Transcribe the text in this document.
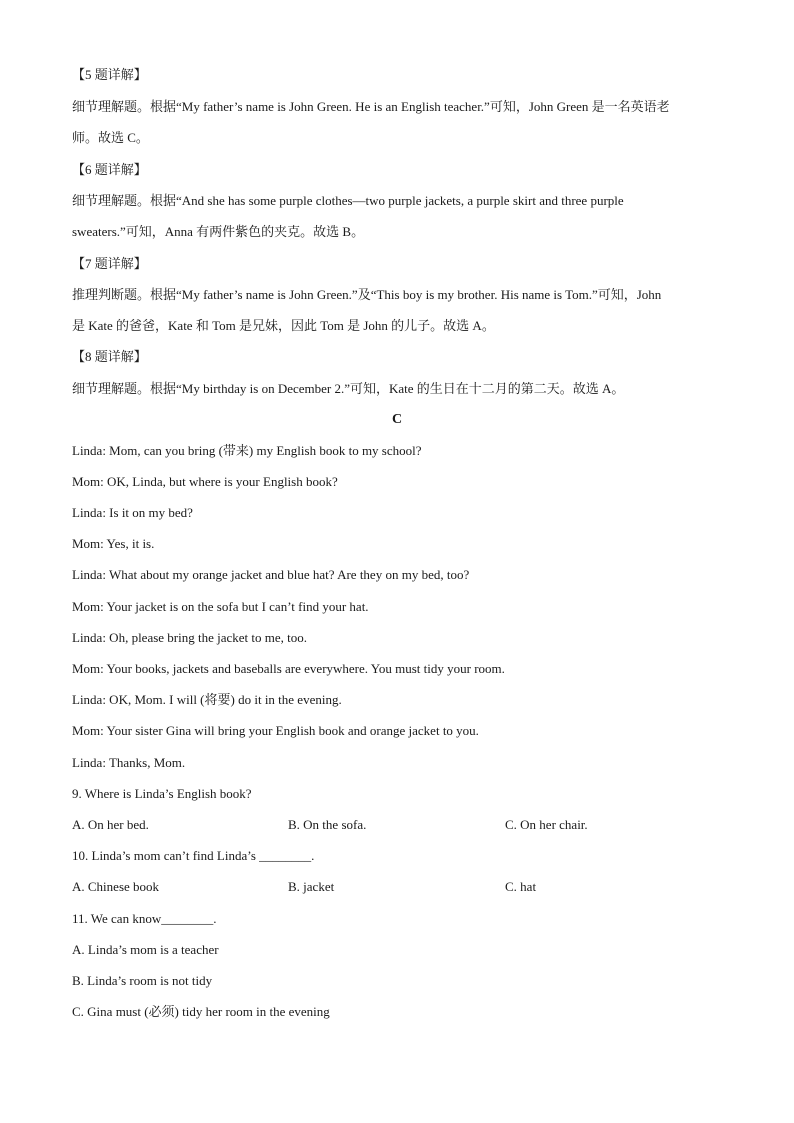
【5 题详解】
细节理解题。根据“My father’s name is John Green. He is an English teacher.”可知，John Green 是一名英语老
师。故选 C。
【6 题详解】
细节理解题。根据“And she has some purple clothes—two purple jackets, a purple skirt and three purple
sweaters.”可知，Anna 有两件紫色的夹克。故选 B。
【7 题详解】
推理判断题。根据“My father’s name is John Green.”及“This boy is my brother. His name is Tom.”可知，John
是 Kate 的爸爸，Kate 和 Tom 是兄妹，因此 Tom 是 John 的儿子。故选 A。
【8 题详解】
细节理解题。根据“My birthday is on December 2.”可知，Kate 的生日在十二月的第二天。故选 A。
C
Linda: Mom, can you bring (带来) my English book to my school?
Mom: OK, Linda, but where is your English book?
Linda: Is it on my bed?
Mom: Yes, it is.
Linda: What about my orange jacket and blue hat? Are they on my bed, too?
Mom: Your jacket is on the sofa but I can’t find your hat.
Linda: Oh, please bring the jacket to me, too.
Mom: Your books, jackets and baseballs are everywhere. You must tidy your room.
Linda: OK, Mom. I will (将要) do it in the evening.
Mom: Your sister Gina will bring your English book and orange jacket to you.
Linda: Thanks, Mom.
9. Where is Linda’s English book?
A. On her bed.	B. On the sofa.	C. On her chair.
10. Linda’s mom can’t find Linda’s ________.
A. Chinese book	B. jacket	C. hat
11. We can know________.
A. Linda’s mom is a teacher
B. Linda’s room is not tidy
C. Gina must (必须) tidy her room in the evening
